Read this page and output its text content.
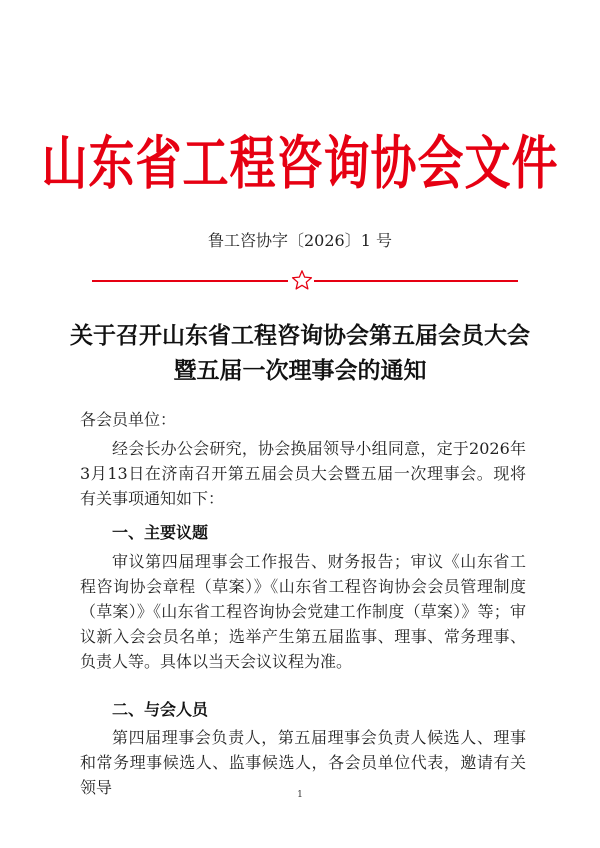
山东省工程咨询协会文件
鲁工咨协字〔2026〕1 号
关于召开山东省工程咨询协会第五届会员大会
暨五届一次理事会的通知
各会员单位：
经会长办公会研究，协会换届领导小组同意，定于2026年3月13日在济南召开第五届会员大会暨五届一次理事会。现将有关事项通知如下：
一、主要议题
审议第四届理事会工作报告、财务报告；审议《山东省工程咨询协会章程（草案）》《山东省工程咨询协会会员管理制度（草案）》《山东省工程咨询协会党建工作制度（草案）》等；审议新入会会员名单；选举产生第五届监事、理事、常务理事、负责人等。具体以当天会议议程为准。
二、与会人员
第四届理事会负责人，第五届理事会负责人候选人、理事和常务理事候选人、监事候选人，各会员单位代表，邀请有关领导	1
